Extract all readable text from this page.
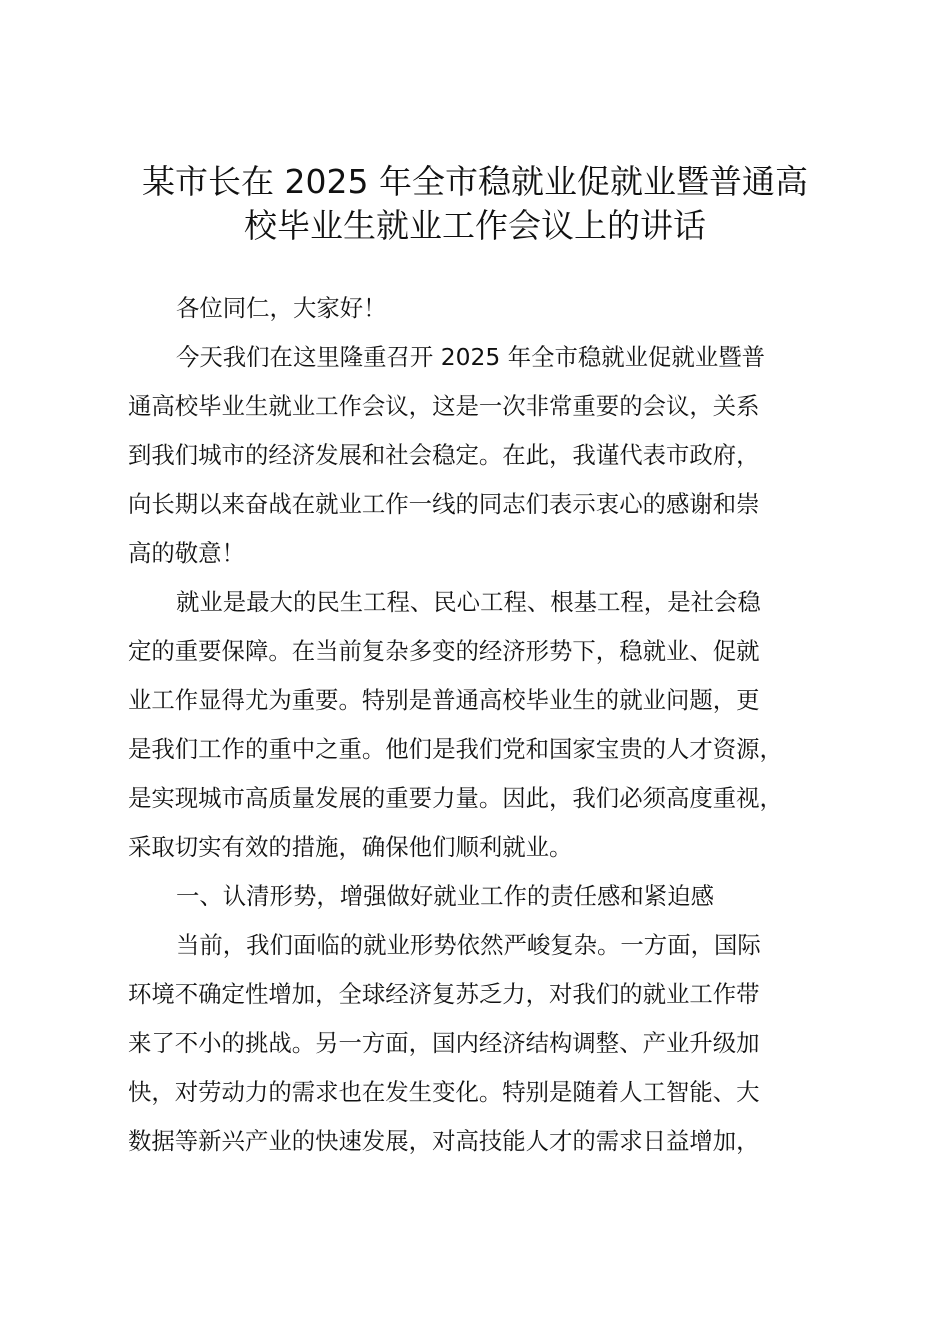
某市长在 2025 年全市稳就业促就业暨普通高
校毕业生就业工作会议上的讲话
各位同仁，大家好！
今天我们在这里隆重召开 2025 年全市稳就业促就业暨普
通高校毕业生就业工作会议，这是一次非常重要的会议，关系
到我们城市的经济发展和社会稳定。在此，我谨代表市政府，
向长期以来奋战在就业工作一线的同志们表示衷心的感谢和崇
高的敬意！
就业是最大的民生工程、民心工程、根基工程，是社会稳
定的重要保障。在当前复杂多变的经济形势下，稳就业、促就
业工作显得尤为重要。特别是普通高校毕业生的就业问题，更
是我们工作的重中之重。他们是我们党和国家宝贵的人才资源，
是实现城市高质量发展的重要力量。因此，我们必须高度重视，
采取切实有效的措施，确保他们顺利就业。
一、认清形势，增强做好就业工作的责任感和紧迫感
当前，我们面临的就业形势依然严峻复杂。一方面，国际
环境不确定性增加，全球经济复苏乏力，对我们的就业工作带
来了不小的挑战。另一方面，国内经济结构调整、产业升级加
快，对劳动力的需求也在发生变化。特别是随着人工智能、大
数据等新兴产业的快速发展，对高技能人才的需求日益增加，
